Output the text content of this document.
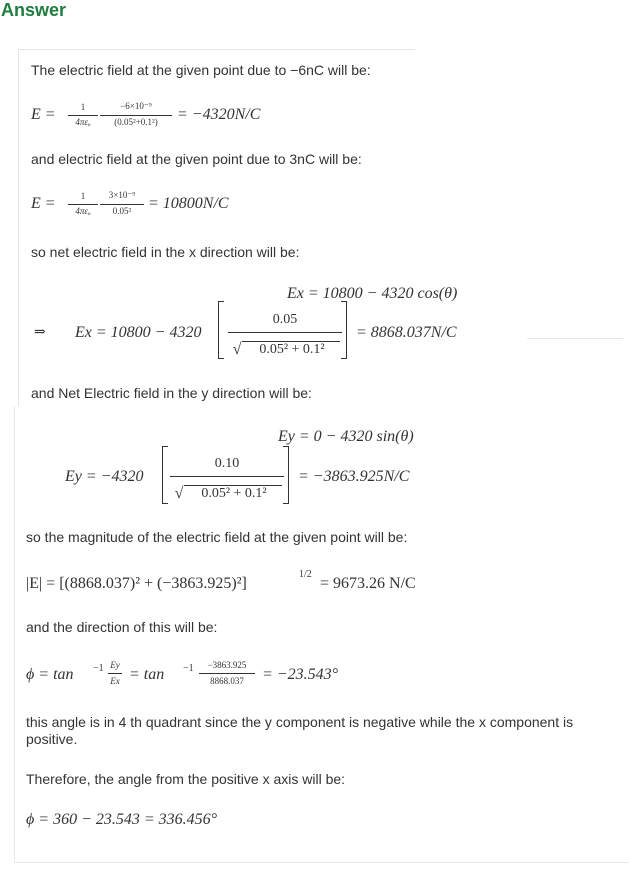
Answer
The electric field at the given point due to −6nC will be:
E =	1
4πεₒ
−6×10⁻⁹
(0.05²+0.1²)	= −4320N/C
and electric field at the given point due to 3nC will be:
E =	1
4πεₒ
3×10⁻⁹
0.05²	= 10800N/C
so net electric field in the x direction will be:
Ex = 10800 − 4320 cos(θ)
⇒ Ex = 10800 − 4320
0.05
√	0.05² + 0.1²
= 8868.037N/C
and Net Electric field in the y direction will be:
Ey = 0 − 4320 sin(θ)
Ey = −4320
0.10
√	0.05² + 0.1²
= −3863.925N/C
so the magnitude of the electric field at the given point will be:
|E| = [(8868.037)² + (−3863.925)²]
1/2
= 9673.26 N/C
and the direction of this will be:
ϕ = tan −1 Ey
Ex = tan −1	−3863.925
8868.037	= −23.543°
this angle is in 4 th quadrant since the y component is negative while the x component is positive.
Therefore, the angle from the positive x axis will be:
ϕ = 360 − 23.543 = 336.456°
